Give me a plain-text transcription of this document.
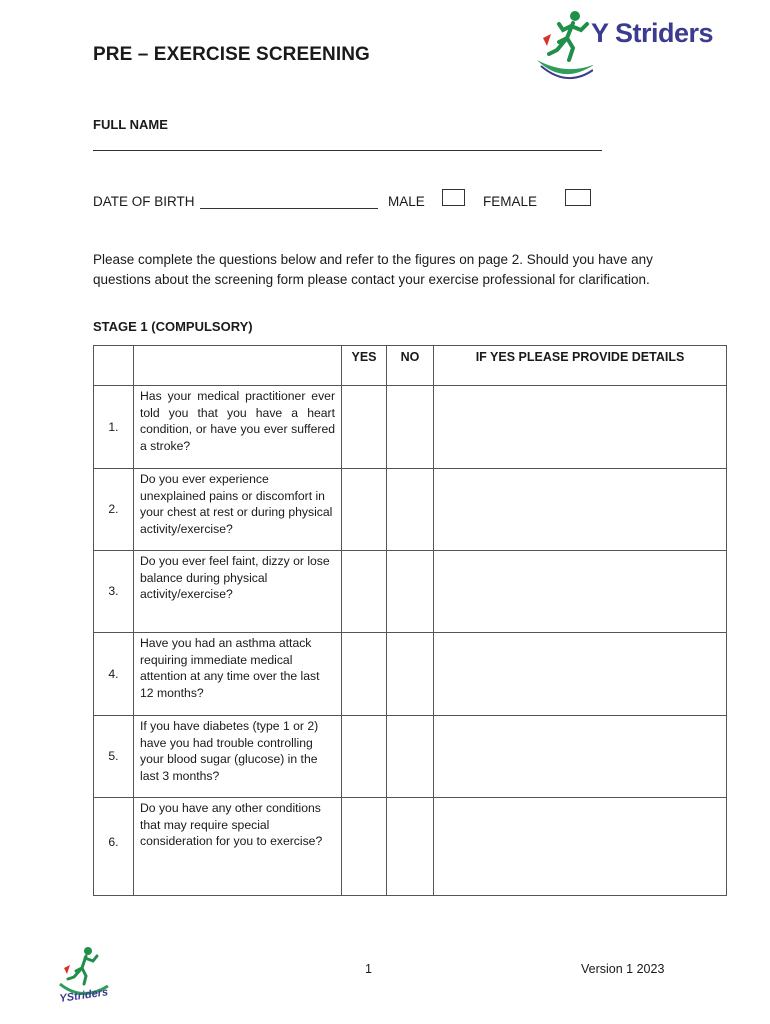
PRE – EXERCISE SCREENING
Y Striders
FULL NAME
DATE OF BIRTH	MALE	FEMALE
Please complete the questions below and refer to the figures on page 2. Should you have any questions about the screening form please contact your exercise professional for clarification.
STAGE 1 (COMPULSORY)
		YES	NO	IF YES PLEASE PROVIDE DETAILS
1.	Has your medical practitioner ever told you that you have a heart condition, or have you ever suffered a stroke?			

2.	Do you ever experience unexplained pains or discomfort in your chest at rest or during physical activity/exercise?			

3.	Do you ever feel faint, dizzy or lose balance during physical activity/exercise?			

4.	Have you had an asthma attack requiring immediate medical attention at any time over the last 12 months?			

5.	If you have diabetes (type 1 or 2) have you had trouble controlling your blood sugar (glucose) in the last 3 months?			

6.	Do you have any other conditions that may require special consideration for you to exercise?			

YStriders
1	Version 1 2023
